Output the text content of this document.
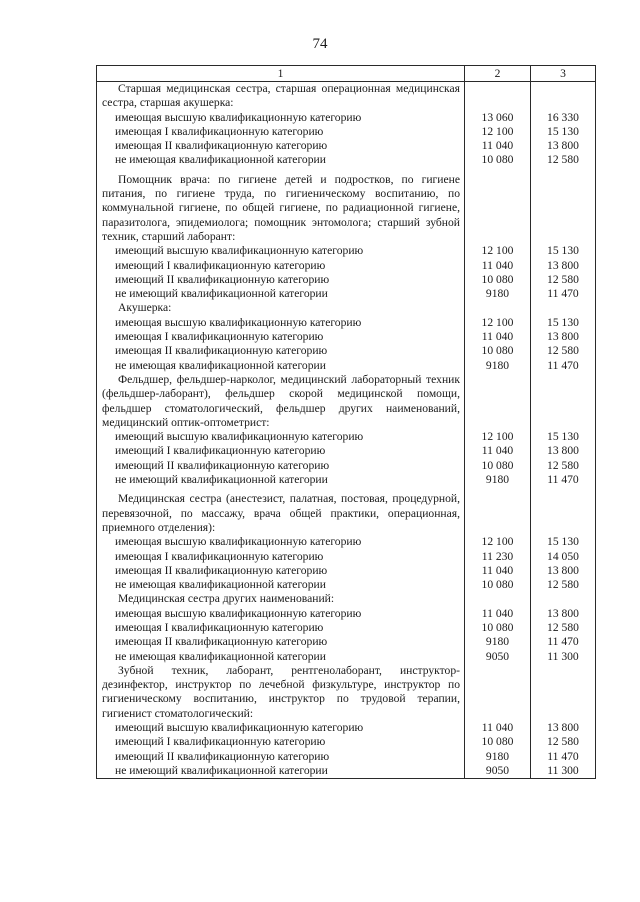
74
1	2	3
Старшая медицинская сестра, старшая операционная медицинская сестра, старшая акушерка:		
имеющая высшую квалификационную категорию	13 060	16 330
имеющая I квалификационную категорию	12 100	15 130
имеющая II квалификационную категорию	11 040	13 800
не имеющая квалификационной категории	10 080	12 580
Помощник врача: по гигиене детей и подростков, по гигиене питания, по гигиене труда, по гигиеническому воспитанию, по коммунальной гигиене, по общей гигиене, по радиационной гигиене, паразитолога, эпидемиолога; помощник энтомолога; старший зубной техник, старший лаборант:		
имеющий высшую квалификационную категорию	12 100	15 130
имеющий I квалификационную категорию	11 040	13 800
имеющий II квалификационную категорию	10 080	12 580
не имеющий квалификационной категории	9180	11 470
Акушерка:		
имеющая высшую квалификационную категорию	12 100	15 130
имеющая I квалификационную категорию	11 040	13 800
имеющая II квалификационную категорию	10 080	12 580
не имеющая квалификационной категории	9180	11 470
Фельдшер, фельдшер-нарколог, медицинский лабораторный техник (фельдшер-лаборант), фельдшер скорой медицинской помощи, фельдшер стоматологический, фельдшер других наименований, медицинский оптик-оптометрист:		
имеющий высшую квалификационную категорию	12 100	15 130
имеющий I квалификационную категорию	11 040	13 800
имеющий II квалификационную категорию	10 080	12 580
не имеющий квалификационной категории	9180	11 470
Медицинская сестра (анестезист, палатная, постовая, процедурной, перевязочной, по массажу, врача общей практики, операционная, приемного отделения):		
имеющая высшую квалификационную категорию	12 100	15 130
имеющая I квалификационную категорию	11 230	14 050
имеющая II квалификационную категорию	11 040	13 800
не имеющая квалификационной категории	10 080	12 580
Медицинская сестра других наименований:		
имеющая высшую квалификационную категорию	11 040	13 800
имеющая I квалификационную категорию	10 080	12 580
имеющая II квалификационную категорию	9180	11 470
не имеющая квалификационной категории	9050	11 300
Зубной техник, лаборант, рентгенолаборант, инструктор-дезинфектор, инструктор по лечебной физкультуре, инструктор по гигиеническому воспитанию, инструктор по трудовой терапии, гигиенист стоматологический:		
имеющий высшую квалификационную категорию	11 040	13 800
имеющий I квалификационную категорию	10 080	12 580
имеющий II квалификационную категорию	9180	11 470
не имеющий квалификационной категории	9050	11 300
